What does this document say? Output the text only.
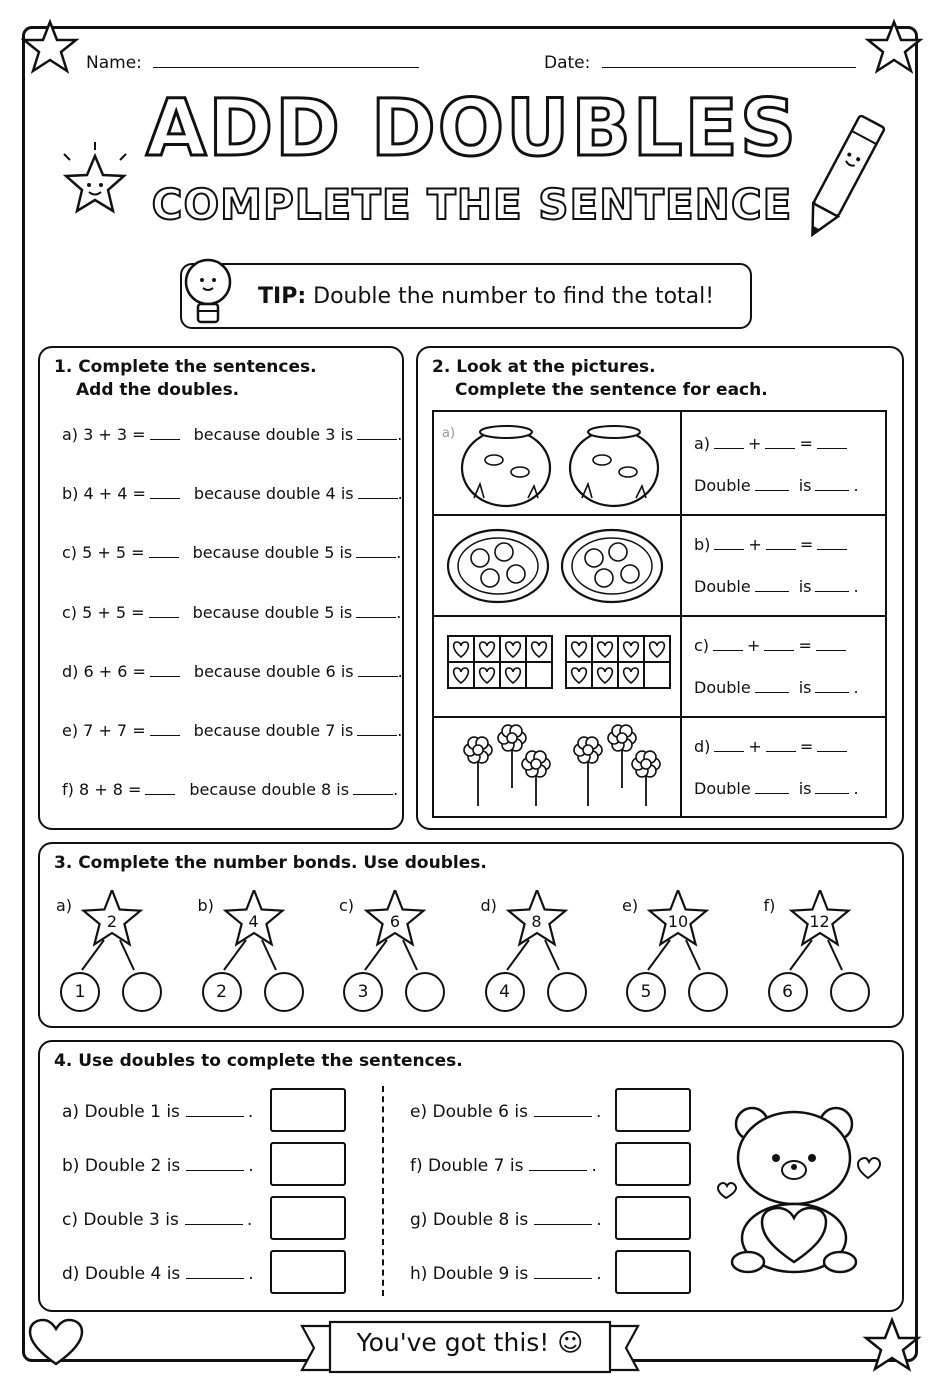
Name:	Date:
ADD DOUBLES
COMPLETE THE SENTENCE
TIP: Double the number to find the total!
1. Complete the sentences.
Add the doubles.
a) 3 + 3 =	because double 3 is	.
b) 4 + 4 =	because double 4 is	.
c) 5 + 5 =	because double 5 is	.
c) 5 + 5 =	because double 5 is	.
d) 6 + 6 =	because double 6 is	.
e) 7 + 7 =	because double 7 is	.
f) 8 + 8 =	because double 8 is	.
2. Look at the pictures.
Complete the sentence for each.
a)
a) + =
Double	is	.
b) + =
Double	is	.
c) + =
Double	is	.
d) + =
Double	is	.
3. Complete the number bonds. Use doubles.
a)
2
1
b)
4
2
c)
6
3
d)
8
4
e)
10
5
f)
12
6
4. Use doubles to complete the sentences.
a) Double 1 is	.
b) Double 2 is	.
c) Double 3 is	.
d) Double 4 is	.
e) Double 6 is	.
f) Double 7 is	.
g) Double 8 is	.
h) Double 9 is	.
You've got this! ☺
